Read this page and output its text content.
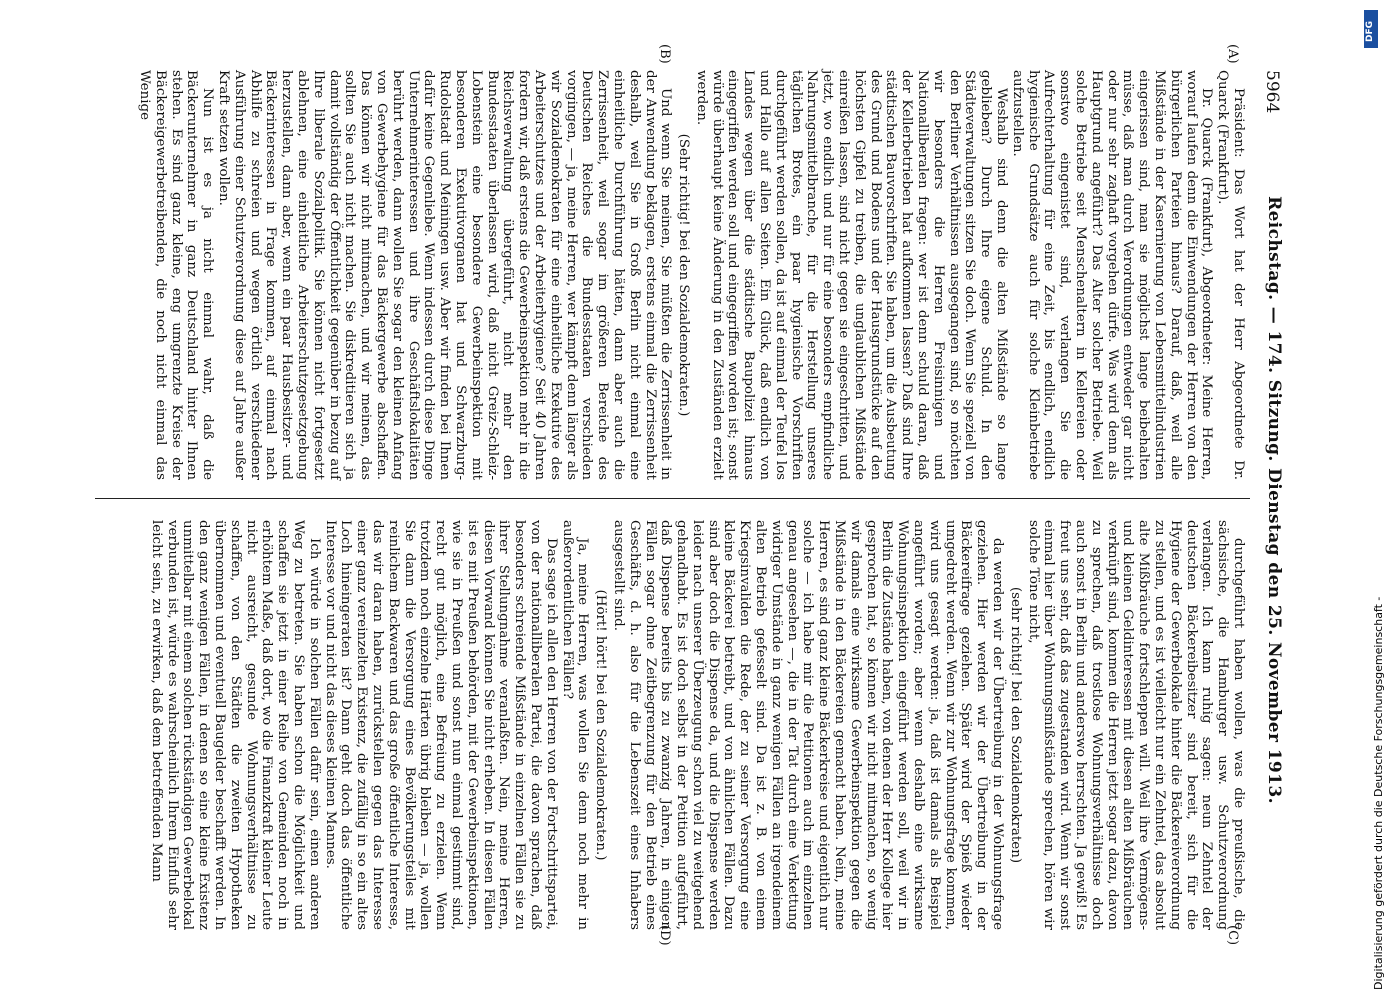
5964
Reichstag. — 174. Sitzung. Dienstag den 25. November 1913.
(A)
(B)
(C)
(D)

Präsident: Das Wort hat der Herr Abgeordnete Dr. Quarck (Frankfurt).

Dr. Quarck (Frankfurt), Abgeordneter: Meine Herren, worauf laufen denn die Einwendungen der Herren von den bürgerlichen Parteien hinaus? Darauf, daß, weil alle Mißstände in der Kasernierung von Lebensmittelindustrien eingerissen sind, man sie möglichst lange beibehalten müsse, daß man durch Verordnungen entweder gar nicht oder nur sehr zaghaft vorgehen dürfe. Was wird denn als Hauptgrund angeführt? Das Alter solcher Betriebe. Weil solche Betriebe seit Menschenaltern in Kellereien oder sonstwo eingenistet sind, verlangen Sie die Aufrechterhaltung für eine Zeit, bis endlich, endlich hygienische Grundsätze auch für solche Kleinbetriebe aufzustellen.

Weshalb sind denn die alten Mißstände so lange geblieben? Durch Ihre eigene Schuld. In den Städteverwaltungen sitzen Sie doch. Wenn Sie speziell von den Berliner Verhältnissen ausgegangen sind, so möchten wir besonders die Herren Freisinnigen und Nationalliberalen fragen: wer ist denn schuld daran, daß der Kellerbetrieben hat aufkommen lassen? Daß sind Ihre städtischen Bauvorschriften. Sie haben, um die Ausbeutung des Grund und Bodens und der Hausgrundstücke auf den höchsten Gipfel zu treiben, die unglaublichen Mißstände einreißen lassen, sind nicht gegen sie eingeschritten, und jetzt, wo endlich und nur für eine besonders empfindliche Nahrungsmittelbranche, für die Herstellung unseres täglichen Brotes, ein paar hygienische Vorschriften durchgeführt werden sollen, da ist auf einmal der Teufel los und Hallo auf allen Seiten. Ein Glück, daß endlich von Landes wegen über die städtische Baupolizei hinaus eingegriffen werden soll und eingegriffen worden ist; sonst würde überhaupt keine Änderung in den Zuständen erzielt werden.

(Sehr richtig! bei den Sozialdemokraten.)

Und wenn Sie meinen, Sie müßten die Zerrissenheit in der Anwendung beklagen, erstens einmal die Zerrissenheit deshalb, weil Sie in Groß Berlin nicht einmal eine einheitliche Durchführung hätten, dann aber auch die Zerrissenheit, weil sogar im größeren Bereiche des Deutschen Reiches die Bundesstaaten verschieden vorgingen, — ja, meine Herren, wer kämpft denn länger als wir Sozialdemokraten für eine einheitliche Exekutive des Arbeiterschutzes und der Arbeiterhygiene? Seit 40 Jahren fordern wir, daß erstens die Gewerbeinspektion mehr in die Reichsverwaltung übergeführt, nicht mehr den Bundesstaaten überlassen wird, daß nicht Greiz-Schleiz-Lobenstein eine besondere Gewerbeinspektion mit besonderen Exekutivorganen hat und Schwarzburg-Rudolstadt und Meiningen usw. Aber wir finden bei Ihnen dafür keine Gegenliebe. Wenn indessen durch diese Dinge Unternehmerinteressen und ihre Geschäftslokalitäten berührt werden, dann wollen Sie sogar den kleinen Anfang von Gewerbehygiene für das Bäckergewerbe abschaffen. Das können wir nicht mitmachen, und wir meinen, das sollten Sie auch nicht machen. Sie diskreditieren sich ja damit vollständig der Öffentlichkeit gegenüber in bezug auf Ihre liberale Sozialpolitik. Sie können nicht fortgesetzt ablehnen, eine einheitliche Arbeiterschutzgesetzgebung herzustellen, dann aber, wenn ein paar Hausbesitzer- und Bäckerinteressen in Frage kommen, auf einmal nach Abhilfe zu schreien und wegen örtlich verschiedener Ausführung einer Schutzverordnung diese auf Jahre außer Kraft setzen wollen.

Nun ist es ja nicht einmal wahr, daß die Bäckerunternehmer in ganz Deutschland hinter Ihnen stehen. Es sind ganz kleine, eng umgrenzte Kreise der Bäckereigewerbetreibenden, die noch nicht einmal das Wenige

durchgeführt haben wollen, was die preußische, die sächsische, die Hamburger usw. Schutzverordnung verlangen. Ich kann ruhig sagen: neun Zehntel der deutschen Bäckereibesitzer sind bereit, sich für die Hygiene der Gewerbelokale hinter die Bäckereiverordnung zu stellen, und es ist vielleicht nur ein Zehntel, das absolut alte Mißbräuche fortschleppen will. Weil ihre Vermögens- und kleinen Geldinteressen mit diesen alten Mißbräuchen verknüpft sind, kommen die Herren jetzt sogar dazu, davon zu sprechen, daß trostlose Wohnungsverhältnisse doch auch sonst in Berlin und anderswo herrschten. Ja gewiß! Es freut uns sehr, daß das zugestanden wird. Wenn wir sonst einmal hier über Wohnungsmißstände sprechen, hören wir solche Töne nicht,

(sehr richtig! bei den Sozialdemokraten)

da werden wir der Übertreibung in der Wohnungsfrage geziehen. Hier werden wir der Übertreibung in der Bäckereifrage geziehen. Später wird der Spieß wieder umgedreht werden. Wenn wir zur Wohnungsfrage kommen, wird uns gesagt werden: ja, daß ist damals als Beispiel angeführt worden; aber wenn deshalb eine wirksame Wohnungsinspektion eingeführt werden soll, weil wir in Berlin die Zustände haben, von denen der Herr Kollege hier gesprochen hat, so können wir nicht mitmachen, so wenig wir damals eine wirksame Gewerbeinspektion gegen die Mißstände in den Bäckereien gemacht haben. Nein, meine Herren, es sind ganz kleine Bäckerkreise und eigentlich nur solche — ich habe mir die Petitionen auch im einzelnen genau angesehen —, die in der Tat durch eine Verkettung widriger Umstände in ganz wenigen Fällen an irgendeinem alten Betrieb gefesselt sind. Da ist z. B. von einem Kriegsinvaliden die Rede, der zu seiner Versorgung eine kleine Bäckerei betreibt, und von ähnlichen Fällen. Dazu sind aber doch die Dispense da, und die Dispense werden leider nach unserer Überzeugung schon viel zu weitgehend gehandhabt. Es ist doch selbst in der Petition aufgeführt, daß Dispense bereits bis zu zwanzig Jahren, in einigen Fällen sogar ohne Zeitbegrenzung für den Betrieb eines Geschäfts, d. h. also für die Lebenszeit eines Inhabers ausgestellt sind.

(Hört! hört! bei den Sozialdemokraten.)

Ja, meine Herren, was wollen Sie denn noch mehr in außerordentlichen Fällen?

Das sage ich allen den Herren von der Fortschrittspartei, von der nationalliberalen Partei, die davon sprachen, daß besonders schreiende Mißstände in einzelnen Fällen sie zu ihrer Stellungnahme veranlaßten. Nein, meine Herren, diesen Vorwand können Sie nicht erheben. In diesen Fällen ist es mit Preußen behörden, mit der Gewerbeinspektionen, wie sie in Preußen und sonst nun einmal gestimmt sind, recht gut möglich, eine Befreiung zu erzielen. Wenn trotzdem noch einzelne Härten übrig bleiben — ja, wollen Sie dann die Versorgung eines Bevölkerungsteiles mit reinlichem Backwaren und das große öffentliche Interesse, das wir daran haben, zurückstellen gegen das Interesse einer ganz vereinzelten Existenz, die zufällig in so ein altes Loch hineingeraten ist? Dann geht doch das öffentliche Interesse vor und nicht das dieses kleinen Mannes.

Ich würde in solchen Fällen dafür sein, einen anderen Weg zu betreten. Sie haben schon die Möglichkeit und schaffen sie jetzt in einer Reihe von Gemeinden noch in erhöhtem Maße, daß dort, wo die Finanzkraft kleiner Leute nicht ausreicht, gesunde Wohnungsverhältnisse zu schaffen, von den Städten die zweiten Hypotheken übernommen und eventuell Baugelder beschafft werden. In den ganz wenigen Fällen, in denen so eine kleine Existenz unmittelbar mit einem solchen rückständigen Gewerbelokal verbunden ist, würde es wahrscheinlich Ihrem Einfluß sehr leicht sein, zu erwirken, daß dem betreffenden Mann

DFG
Digitalisierung gefördert durch die Deutsche Forschungsgemeinschaft -
